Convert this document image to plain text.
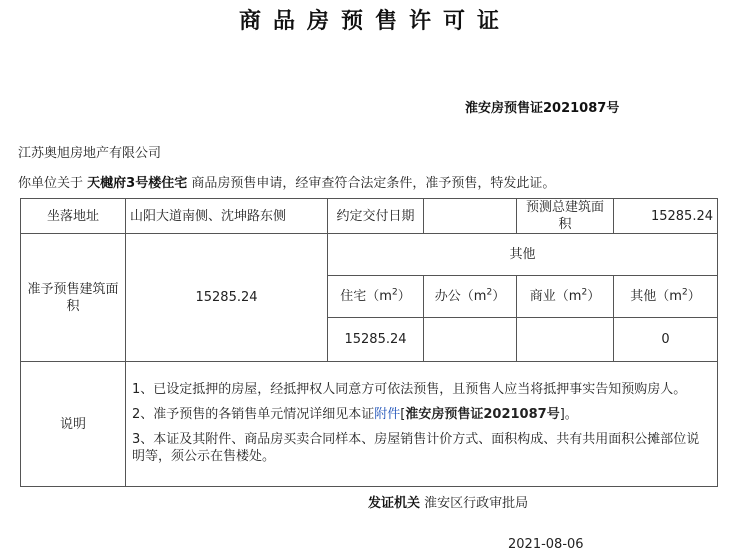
商品房预售许可证
淮安房预售证2021087号
江苏奥旭房地产有限公司
你单位关于 天樾府3号楼住宅 商品房预售申请，经审查符合法定条件，准予预售，特发此证。
坐落地址	山阳大道南侧、沈坤路东侧	约定交付日期		预测总建筑面积	15285.24
准予预售建筑面积	15285.24	其他			
		住宅$(m^2)$	办公$(m^2)$	商业$(m^2)$	其他$(m^2)$
		15285.24			0
说明	1、已设定抵押的房屋，经抵押权人同意方可依法预售，且预售人应当将抵押事实告知预购房人。

2、准予预售的各销售单元情况详细见本证附件[淮安房预售证2021087号]。

3、本证及其附件、商品房买卖合同样本、房屋销售计价方式、面积构成、共有共用面积公摊部位说明等，须公示在售楼处。				

发证机关 淮安区行政审批局
2021-08-06
